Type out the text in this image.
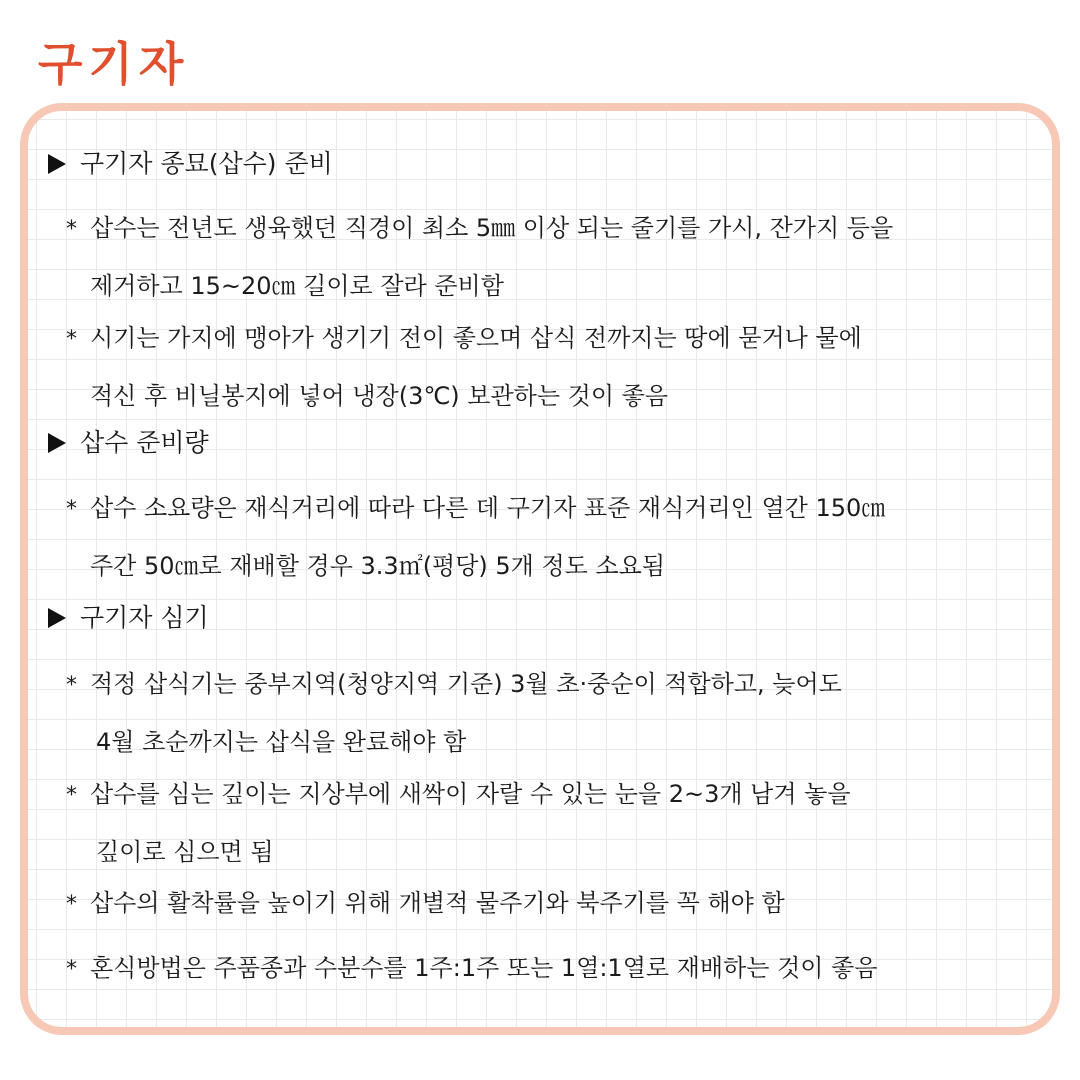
구기자
구기자 종묘(삽수) 준비
* 삽수는 전년도 생육했던 직경이 최소 5㎜ 이상 되는 줄기를 가시, 잔가지 등을
제거하고 15~20㎝ 길이로 잘라 준비함
* 시기는 가지에 맹아가 생기기 전이 좋으며 삽식 전까지는 땅에 묻거나 물에
적신 후 비닐봉지에 넣어 냉장(3℃) 보관하는 것이 좋음
삽수 준비량
* 삽수 소요량은 재식거리에 따라 다른 데 구기자 표준 재식거리인 열간 150㎝
주간 50㎝로 재배할 경우 3.3㎡(평당) 5개 정도 소요됨
구기자 심기
* 적정 삽식기는 중부지역(청양지역 기준) 3월 초·중순이 적합하고, 늦어도
4월 초순까지는 삽식을 완료해야 함
* 삽수를 심는 깊이는 지상부에 새싹이 자랄 수 있는 눈을 2~3개 남겨 놓을
깊이로 심으면 됨
* 삽수의 활착률을 높이기 위해 개별적 물주기와 북주기를 꼭 해야 함
* 혼식방법은 주품종과 수분수를 1주:1주 또는 1열:1열로 재배하는 것이 좋음
